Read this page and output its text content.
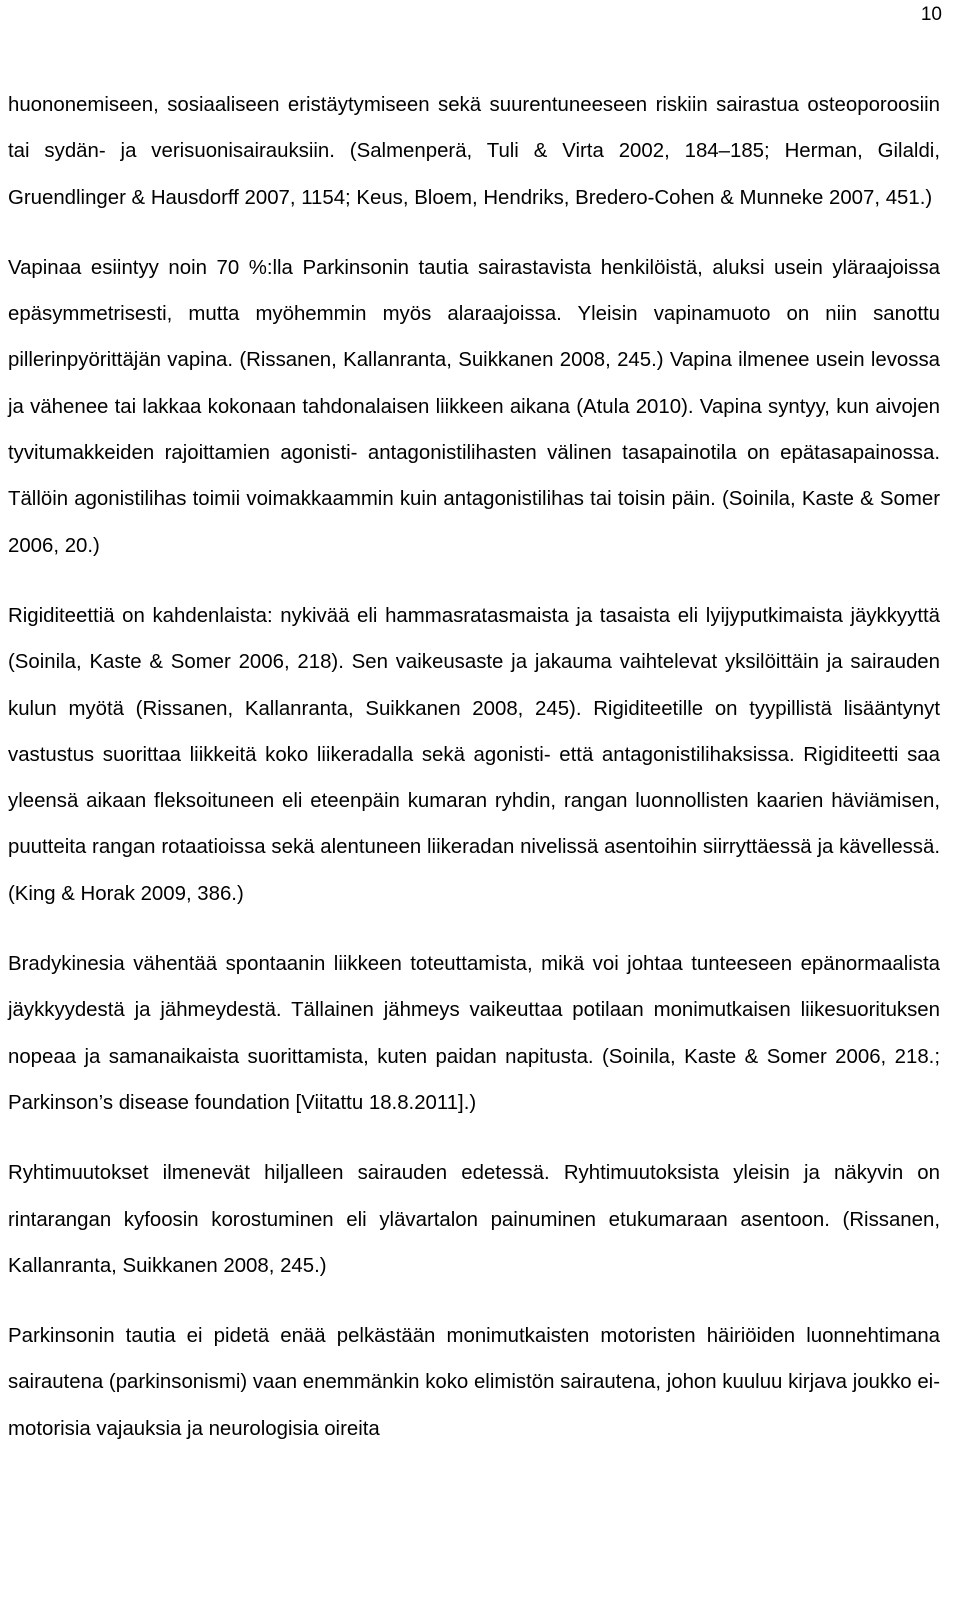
10

huononemiseen, sosiaaliseen eristäytymiseen sekä suurentuneeseen riskiin sairastua osteoporoosiin tai sydän- ja verisuonisairauksiin. (Salmenperä, Tuli & Virta 2002, 184–185; Herman, Gilaldi, Gruendlinger & Hausdorff 2007, 1154; Keus, Bloem, Hendriks, Bredero-Cohen & Munneke 2007, 451.)

Vapinaa esiintyy noin 70 %:lla Parkinsonin tautia sairastavista henkilöistä, aluksi usein yläraajoissa epäsymmetrisesti, mutta myöhemmin myös alaraajoissa. Yleisin vapinamuoto on niin sanottu pillerinpyörittäjän vapina. (Rissanen, Kallanranta, Suikkanen 2008, 245.) Vapina ilmenee usein levossa ja vähenee tai lakkaa kokonaan tahdonalaisen liikkeen aikana (Atula 2010). Vapina syntyy, kun aivojen tyvitumakkeiden rajoittamien agonisti- antagonistilihasten välinen tasapainotila on epätasapainossa. Tällöin agonistilihas toimii voimakkaammin kuin antagonistilihas tai toisin päin. (Soinila, Kaste & Somer 2006, 20.)

Rigiditeettiä on kahdenlaista: nykivää eli hammasratasmaista ja tasaista eli lyijyputkimaista jäykkyyttä (Soinila, Kaste & Somer 2006, 218). Sen vaikeusaste ja jakauma vaihtelevat yksilöittäin ja sairauden kulun myötä (Rissanen, Kallanranta, Suikkanen 2008, 245). Rigiditeetille on tyypillistä lisääntynyt vastustus suorittaa liikkeitä koko liikeradalla sekä agonisti- että antagonistilihaksissa. Rigiditeetti saa yleensä aikaan fleksoituneen eli eteenpäin kumaran ryhdin, rangan luonnollisten kaarien häviämisen, puutteita rangan rotaatioissa sekä alentuneen liikeradan nivelissä asentoihin siirryttäessä ja kävellessä. (King & Horak 2009, 386.)

Bradykinesia vähentää spontaanin liikkeen toteuttamista, mikä voi johtaa tunteeseen epänormaalista jäykkyydestä ja jähmeydestä. Tällainen jähmeys vaikeuttaa potilaan monimutkaisen liikesuorituksen nopeaa ja samanaikaista suorittamista, kuten paidan napitusta. (Soinila, Kaste & Somer 2006, 218.; Parkinson’s disease foundation [Viitattu 18.8.2011].)

Ryhtimuutokset ilmenevät hiljalleen sairauden edetessä. Ryhtimuutoksista yleisin ja näkyvin on rintarangan kyfoosin korostuminen eli ylävartalon painuminen etukumaraan asentoon. (Rissanen, Kallanranta, Suikkanen 2008, 245.)

Parkinsonin tautia ei pidetä enää pelkästään monimutkaisten motoristen häiriöiden luonnehtimana sairautena (parkinsonismi) vaan enemmänkin koko elimistön sairautena, johon kuuluu kirjava joukko ei-motorisia vajauksia ja neurologisia oireita
